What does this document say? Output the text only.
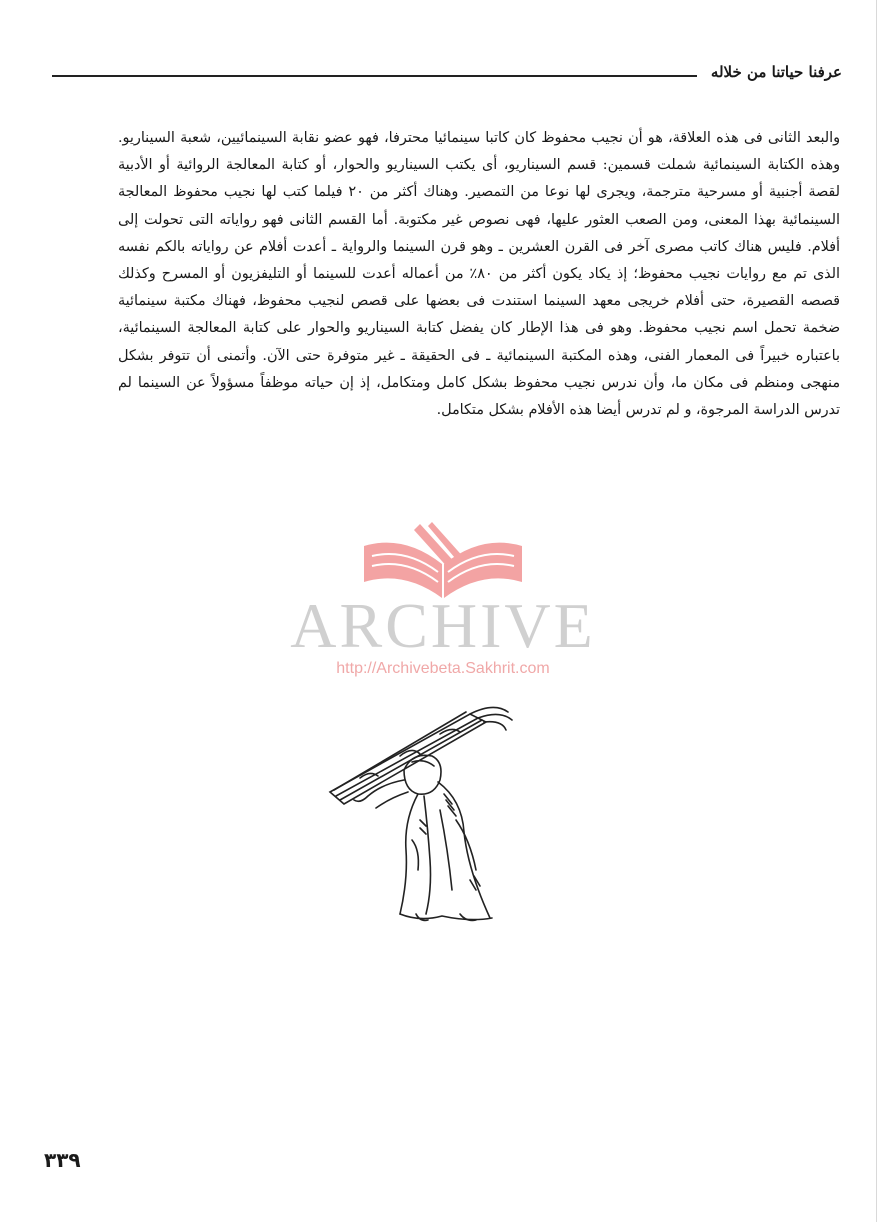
عرفنا حياتنا من خلاله

والبعد الثانى فى هذه العلاقة، هو أن نجيب محفوظ كان كاتبا سينمائيا محترفا، فهو عضو نقابة السينمائيين، شعبة السيناريو. وهذه الكتابة السينمائية شملت قسمين: قسم السيناريو، أى يكتب السيناريو والحوار، أو كتابة المعالجة الروائية أو الأدبية لقصة أجنبية أو مسرحية مترجمة، ويجرى لها نوعا من التمصير. وهناك أكثر من ٢٠ فيلما كتب لها نجيب محفوظ المعالجة السينمائية بهذا المعنى، ومن الصعب العثور عليها، فهى نصوص غير مكتوبة. أما القسم الثانى فهو رواياته التى تحولت إلى أفلام. فليس هناك كاتب مصرى آخر فى القرن العشرين ـ وهو قرن السينما والرواية ـ أعدت أفلام عن رواياته بالكم نفسه الذى تم مع روايات نجيب محفوظ؛ إذ يكاد يكون أكثر من ٨٠٪ من أعماله أعدت للسينما أو التليفزيون أو المسرح وكذلك قصصه القصيرة، حتى أفلام خريجى معهد السينما استندت فى بعضها على قصص لنجيب محفوظ، فهناك مكتبة سينمائية ضخمة تحمل اسم نجيب محفوظ. وهو فى هذا الإطار كان يفضل كتابة السيناريو والحوار على كتابة المعالجة السينمائية، باعتباره خبيراً فى المعمار الفنى، وهذه المكتبة السينمائية ـ فى الحقيقة ـ غير متوفرة حتى الآن. وأتمنى أن تتوفر بشكل منهجى ومنظم فى مكان ما، وأن ندرس نجيب محفوظ بشكل كامل ومتكامل، إذ إن حياته موظفاً مسؤولاً عن السينما لم تدرس الدراسة المرجوة، و لم تدرس أيضا هذه الأفلام بشكل متكامل.

ARCHIVE
http://Archivebeta.Sakhrit.com
٣٣٩
